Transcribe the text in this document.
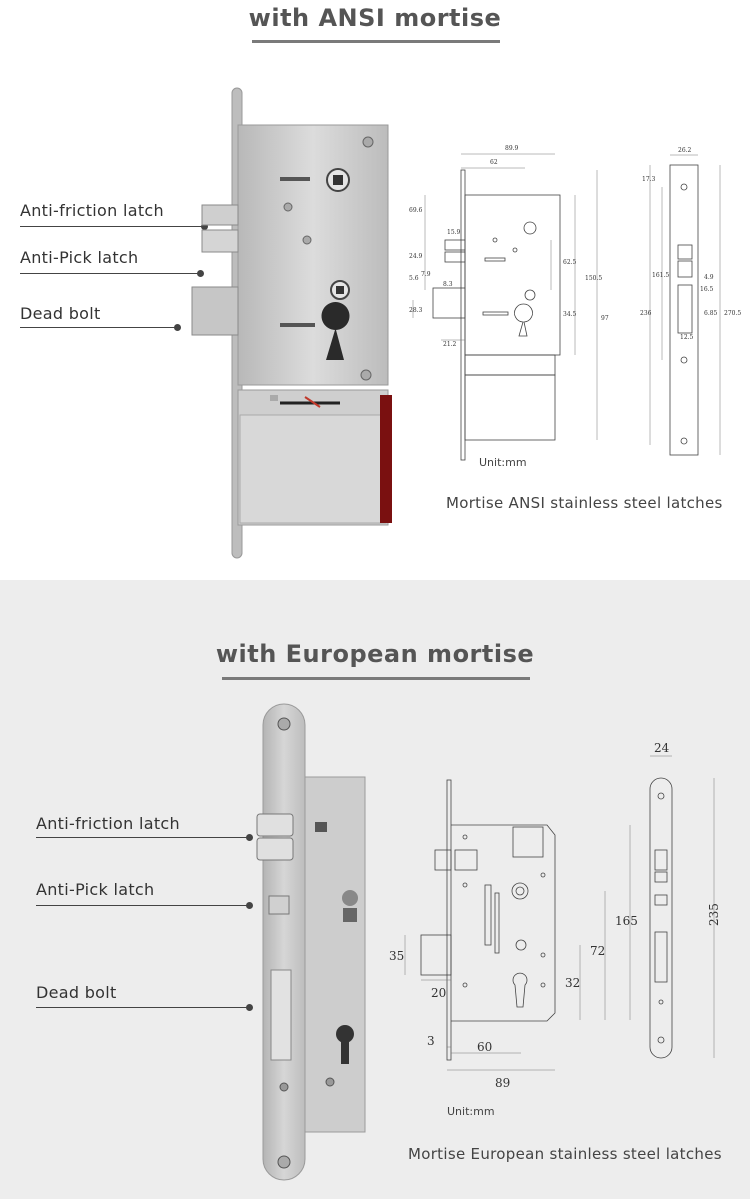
with ANSI mortise
Anti-friction latch
Anti-Pick latch
Dead bolt
89.9
62
69.6
15.9
24.9
7.9
5.6
8.3
28.3
21.2
62.5
150.5
34.5
97
26.2
17.3
161.5	4.9
16.5
6.85
12.5
236	270.5
Unit:mm
Mortise ANSI stainless steel latches
with European mortise
Anti-friction latch
Anti-Pick latch
Dead bolt
35
20
3	60
89
32
72
165
24
235
Unit:mm
Mortise European stainless steel latches
